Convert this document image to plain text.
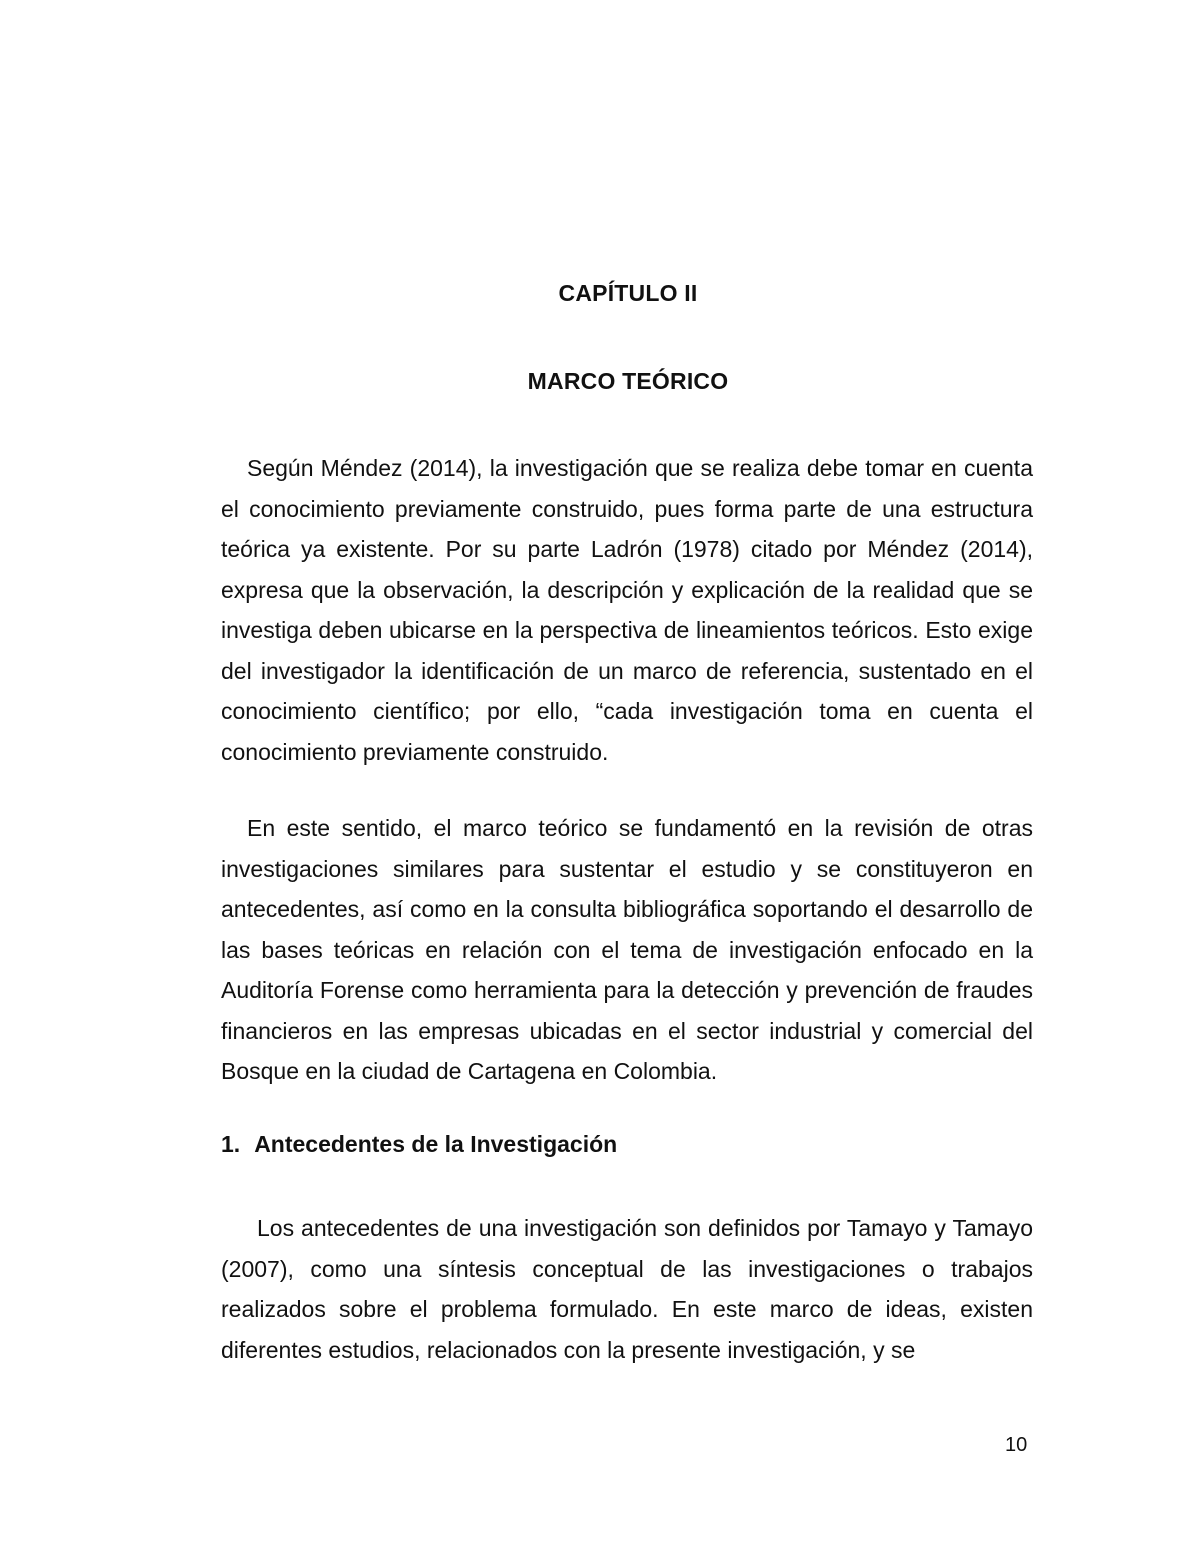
CAPÍTULO II
MARCO TEÓRICO

Según Méndez (2014), la investigación que se realiza debe tomar en cuenta el conocimiento previamente construido, pues forma parte de una estructura teórica ya existente. Por su parte Ladrón (1978) citado por Méndez (2014), expresa que la observación, la descripción y explicación de la realidad que se investiga deben ubicarse en la perspectiva de lineamientos teóricos. Esto exige del investigador la identificación de un marco de referencia, sustentado en el conocimiento científico; por ello, “cada investigación toma en cuenta el conocimiento previamente construido.

En este sentido, el marco teórico se fundamentó en la revisión de otras investigaciones similares para sustentar el estudio y se constituyeron en antecedentes, así como en la consulta bibliográfica soportando el desarrollo de las bases teóricas en relación con el tema de investigación enfocado en la Auditoría Forense como herramienta para la detección y prevención de fraudes financieros en las empresas ubicadas en el sector industrial y comercial del Bosque en la ciudad de Cartagena en Colombia.

1. Antecedentes de la Investigación

Los antecedentes de una investigación son definidos por Tamayo y Tamayo (2007), como una síntesis conceptual de las investigaciones o trabajos realizados sobre el problema formulado. En este marco de ideas, existen diferentes estudios, relacionados con la presente investigación, y se

10
